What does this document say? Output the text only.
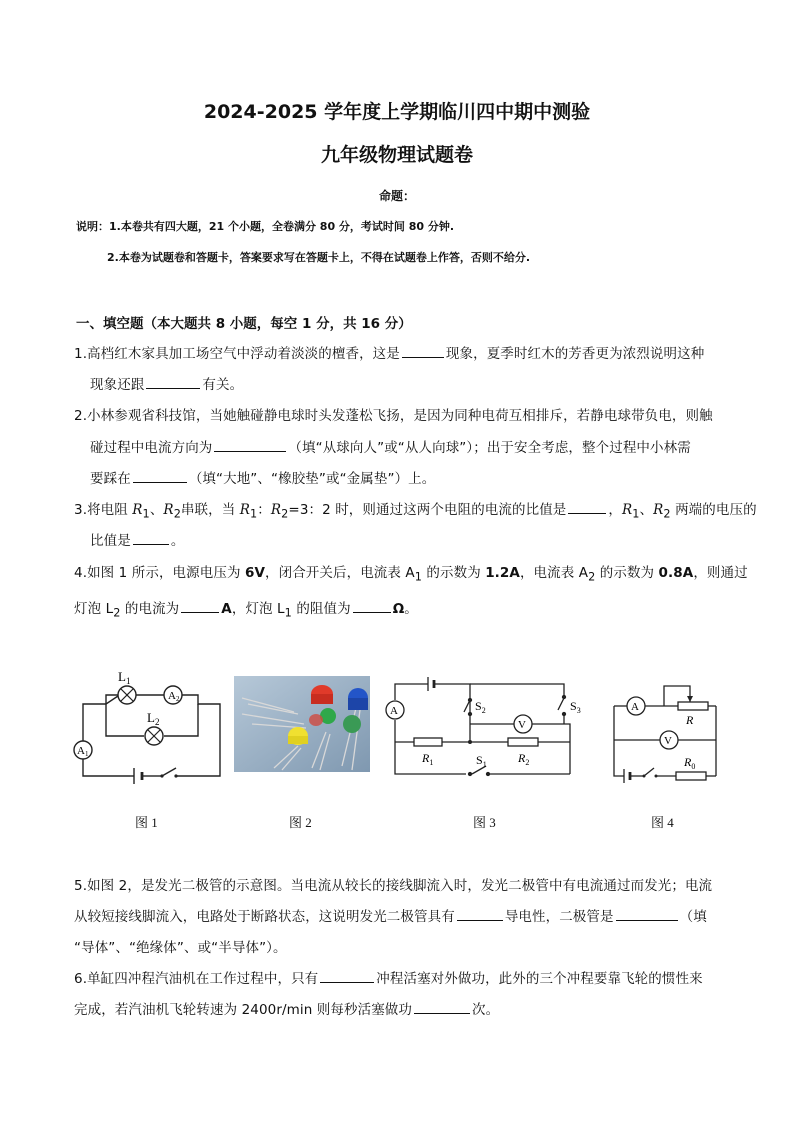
2024-2025 学年度上学期临川四中期中测验
九年级物理试题卷
命题：
说明：1.本卷共有四大题，21 个小题，全卷满分 80 分，考试时间 80 分钟.
2.本卷为试题卷和答题卡，答案要求写在答题卡上，不得在试题卷上作答，否则不给分.
一、填空题（本大题共 8 小题，每空 1 分，共 16 分）
1.高档红木家具加工场空气中浮动着淡淡的檀香，这是	现象，夏季时红木的芳香更为浓烈说明这种
现象还跟	有关。
2.小林参观省科技馆，当她触碰静电球时头发蓬松飞扬，是因为同种电荷互相排斥，若静电球带负电，则触
碰过程中电流方向为	（填“从球向人”或“从人向球”）；出于安全考虑，整个过程中小林需
要踩在	（填“大地”、“橡胶垫”或“金属垫”）上。
3.将电阻 $R_1$、$R_2$串联，当 $R_1$：$R_2=3$：2 时，则通过这两个电阻的电流的比值是	，$R_1$、$R_2$ 两端的电压的
比值是	。
4.如图 1 所示，电源电压为 6V，闭合开关后，电流表 $A_1$ 的示数为 1.2A，电流表 $A_2$ 的示数为 0.8A，则通过
灯泡 $L_2$ 的电流为	A，灯泡 $L_1$ 的阻值为	Ω。
$L_1$
A2
$L_2$
A1
图 1	图 2
$S_2$	$S_3$
A
V
$R_1$	$R_2$
$S_1$
图 3
A
R
V
$R_0$
图 4
5.如图 2，是发光二极管的示意图。当电流从较长的接线脚流入时，发光二极管中有电流通过而发光；电流
从较短接线脚流入，电路处于断路状态，这说明发光二极管具有	导电性，二极管是	（填
“导体”、“绝缘体”、或“半导体”）。
6.单缸四冲程汽油机在工作过程中，只有	冲程活塞对外做功，此外的三个冲程要靠飞轮的惯性来
完成，若汽油机飞轮转速为 2400r/min 则每秒活塞做功	次。
